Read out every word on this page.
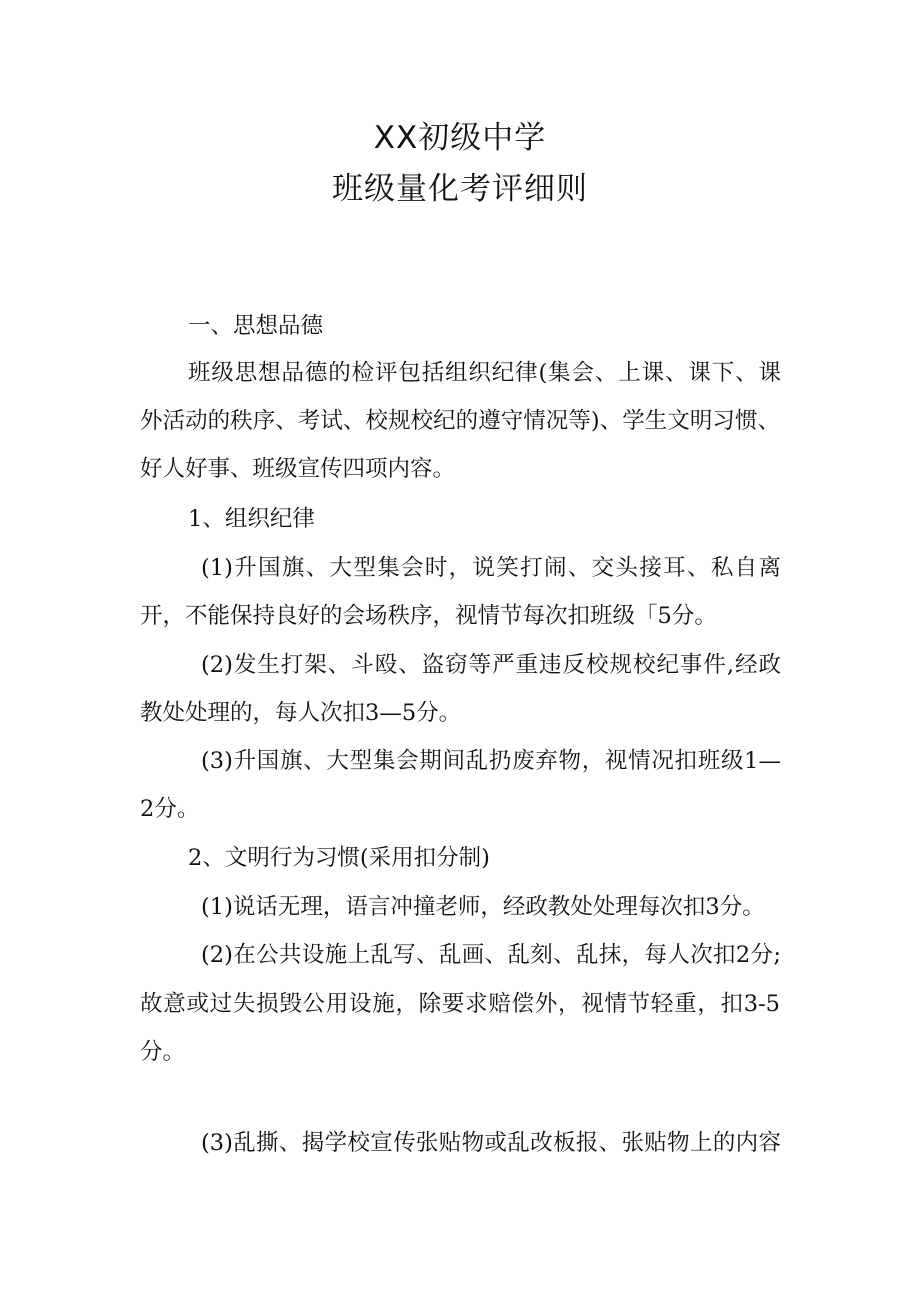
XX初级中学
班级量化考评细则

一、思想品德

班级思想品德的检评包括组织纪律(集会、上课、课下、课

外活动的秩序、考试、校规校纪的遵守情况等)、学生文明习惯、

好人好事、班级宣传四项内容。

1、组织纪律

(1)升国旗、大型集会时，说笑打闹、交头接耳、私自离

开，不能保持良好的会场秩序，视情节每次扣班级「5分。

(2)发生打架、斗殴、盗窃等严重违反校规校纪事件,经政

教处处理的，每人次扣3—5分。

(3)升国旗、大型集会期间乱扔废弃物，视情况扣班级1—

2分。

2、文明行为习惯(采用扣分制)

(1)说话无理，语言冲撞老师，经政教处处理每次扣3分。

(2)在公共设施上乱写、乱画、乱刻、乱抹，每人次扣2分;

故意或过失损毁公用设施，除要求赔偿外，视情节轻重，扣3-5

分。

(3)乱撕、揭学校宣传张贴物或乱改板报、张贴物上的内容
